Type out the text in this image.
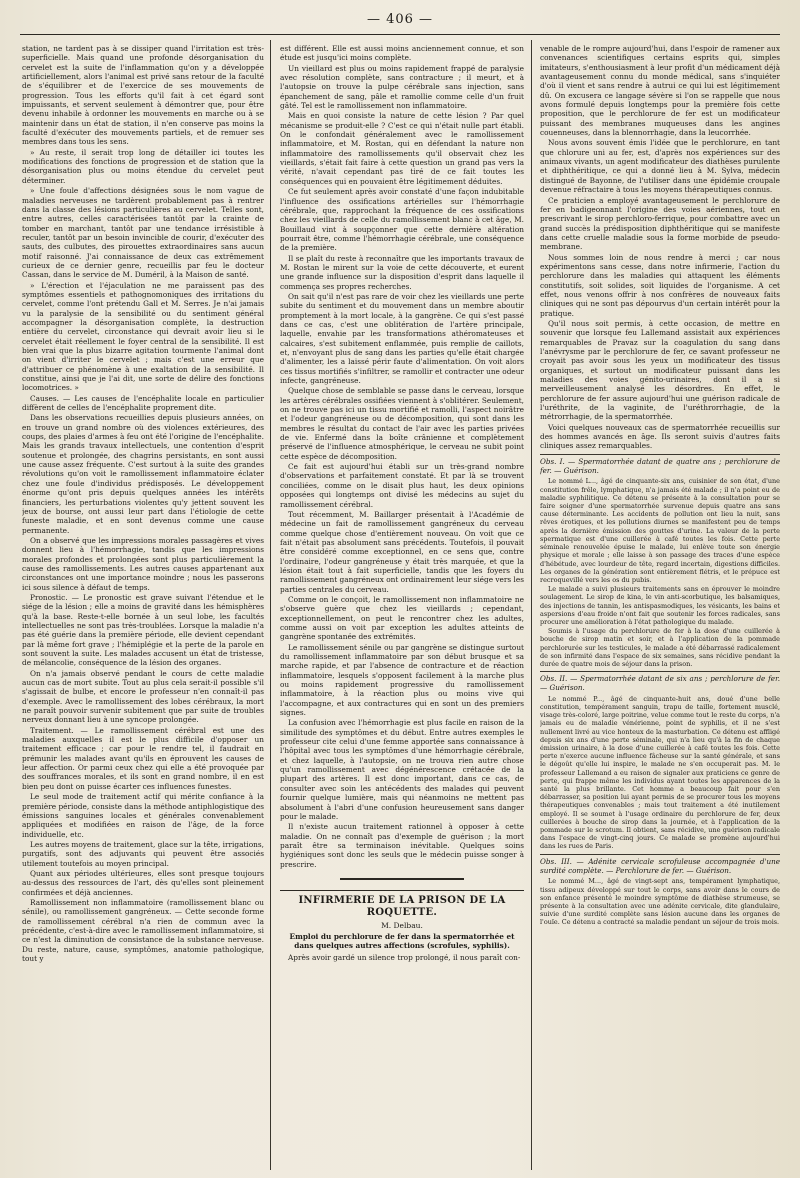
— 406 —

station, ne tardent pas à se dissiper quand l'irritation est très-superficielle. Mais quand une profonde désorganisation du cervelet est la suite de l'inflammation qu'on y a développée artificiellement, alors l'animal est privé sans retour de la faculté de s'équilibrer et de l'exercice de ses mouvements de progression. Tous les efforts qu'il fait à cet égard sont impuissants, et servent seulement à démontrer que, pour être devenu inhabile à ordonner les mouvements en marche ou à se maintenir dans un état de station, il n'en conserve pas moins la faculté d'exécuter des mouvements partiels, et de remuer ses membres dans tous les sens.

» Au reste, il serait trop long de détailler ici toutes les modifications des fonctions de progression et de station que la désorganisation plus ou moins étendue du cervelet peut déterminer.

» Une foule d'affections désignées sous le nom vague de maladies nerveuses ne tardèrent probablement pas à rentrer dans la classe des lésions particulières au cervelet. Telles sont, entre autres, celles caractérisées tantôt par la crainte de tomber en marchant, tantôt par une tendance irrésistible à reculer, tantôt par un besoin invincible de courir, d'exécuter des sauts, des culbutes, des pirouettes extraordinaires sans aucun motif raisonné. J'ai connaissance de deux cas extrêmement curieux de ce dernier genre, recueillis par feu le docteur Cassan, dans le service de M. Duméril, à la Maison de santé.

» L'érection et l'éjaculation ne me paraissent pas des symptômes essentiels et pathognomoniques des irritations du cervelet, comme l'ont prétendu Gall et M. Serres. Je n'ai jamais vu la paralysie de la sensibilité ou du sentiment général accompagner la désorganisation complète, la destruction entière du cervelet, circonstance qui devrait avoir lieu si le cervelet était réellement le foyer central de la sensibilité. Il est bien vrai que la plus bizarre agitation tourmente l'animal dont on vient d'irriter le cervelet ; mais c'est une erreur que d'attribuer ce phénomène à une exaltation de la sensibilité. Il constitue, ainsi que je l'ai dit, une sorte de délire des fonctions locomotrices. »

Causes. — Les causes de l'encéphalite locale en particulier diffèrent de celles de l'encéphalite proprement dite.

Dans les observations recueillies depuis plusieurs années, on en trouve un grand nombre où des violences extérieures, des coups, des plaies d'armes à feu ont été l'origine de l'encéphalite. Mais les grands travaux intellectuels, une contention d'esprit soutenue et prolongée, des chagrins persistants, en sont aussi une cause assez fréquente. C'est surtout à la suite des grandes révolutions qu'on voit le ramollissement inflammatoire éclater chez une foule d'individus prédisposés. Le développement énorme qu'ont pris depuis quelques années les intérêts financiers, les perturbations violentes qu'y jettent souvent les jeux de bourse, ont aussi leur part dans l'étiologie de cette funeste maladie, et en sont devenus comme une cause permanente.

On a observé que les impressions morales passagères et vives donnent lieu à l'hémorrhagie, tandis que les impressions morales profondes et prolongées sont plus particulièrement la cause des ramollissements. Les autres causes appartenant aux circonstances ont une importance moindre ; nous les passerons ici sous silence à défaut de temps.

Pronostic. — Le pronostic est grave suivant l'étendue et le siége de la lésion ; elle a moins de gravité dans les hémisphères qu'à la base. Reste-t-elle bornée à un seul lobe, les facultés intellectuelles ne sont pas très-troublées. Lorsque la maladie n'a pas été guérie dans la première période, elle devient cependant par là même fort grave ; l'hémiplégie et la perte de la parole en sont souvent la suite. Les malades accusent un état de tristesse, de mélancolie, conséquence de la lésion des organes.

On n'a jamais observé pendant le cours de cette maladie aucun cas de mort subite. Tout au plus cela serait-il possible s'il s'agissait de bulbe, et encore le professeur n'en connaît-il pas d'exemple. Avec le ramollissement des lobes cérébraux, la mort ne paraît pouvoir survenir subitement que par suite de troubles nerveux donnant lieu à une syncope prolongée.

Traitement. — Le ramollissement cérébral est une des maladies auxquelles il est le plus difficile d'opposer un traitement efficace ; car pour le rendre tel, il faudrait en prémunir les malades avant qu'ils en éprouvent les causes de leur affection. Or parmi ceux chez qui elle a été provoquée par des souffrances morales, et ils sont en grand nombre, il en est bien peu dont on puisse écarter ces influences funestes.

Le seul mode de traitement actif qui mérite confiance à la première période, consiste dans la méthode antiphlogistique des émissions sanguines locales et générales convenablement appliquées et modifiées en raison de l'âge, de la force individuelle, etc.

Les autres moyens de traitement, glace sur la tête, irrigations, purgatifs, sont des adjuvants qui peuvent être associés utilement toutefois au moyen principal.

Quant aux périodes ultérieures, elles sont presque toujours au-dessus des ressources de l'art, dès qu'elles sont pleinement confirmées et déjà anciennes.

Ramollissement non inflammatoire (ramollissement blanc ou sénile), ou ramollissement gangréneux. — Cette seconde forme de ramollissement cérébral n'a rien de commun avec la précédente, c'est-à-dire avec le ramollissement inflammatoire, si ce n'est la diminution de consistance de la substance nerveuse. Du reste, nature, cause, symptômes, anatomie pathologique, tout y

est différent. Elle est aussi moins anciennement connue, et son étude est jusqu'ici moins complète.

Un vieillard est plus ou moins rapidement frappé de paralysie avec résolution complète, sans contracture ; il meurt, et à l'autopsie on trouve la pulpe cérébrale sans injection, sans épanchement de sang, pâle et ramollie comme celle d'un fruit gâté. Tel est le ramollissement non inflammatoire.

Mais en quoi consiste la nature de cette lésion ? Par quel mécanisme se produit-elle ? C'est ce qui n'était nulle part établi. On le confondait généralement avec le ramollissement inflammatoire, et M. Rostan, qui en défendant la nature non inflammatoire des ramollissements qu'il observait chez les vieillards, s'était fait faire à cette question un grand pas vers la vérité, n'avait cependant pas tiré de ce fait toutes les conséquences qui en pouvaient être légitimement déduites.

Ce fut seulement après avoir constaté d'une façon indubitable l'influence des ossifications artérielles sur l'hémorrhagie cérébrale, que, rapprochant la fréquence de ces ossifications chez les vieillards de celle du ramollissement blanc à cet âge, M. Bouillaud vint à soupçonner que cette dernière altération pourrait être, comme l'hémorrhagie cérébrale, une conséquence de la première.

Il se plaît du reste à reconnaître que les importants travaux de M. Rostan le mirent sur la voie de cette découverte, et eurent une grande influence sur la disposition d'esprit dans laquelle il commença ses propres recherches.

On sait qu'il n'est pas rare de voir chez les vieillards une perte subite du sentiment et du mouvement dans un membre aboutir promptement à la mort locale, à la gangrène. Ce qui s'est passé dans ce cas, c'est une oblitération de l'artère principale, laquelle, envahie par les transformations athéromateuses et calcaires, s'est subitement enflammée, puis remplie de caillots, et, n'envoyant plus de sang dans les parties qu'elle était chargée d'alimenter, les a laissé périr faute d'alimentation. On voit alors ces tissus mortifiés s'infiltrer, se ramollir et contracter une odeur infecte, gangréneuse.

Quelque chose de semblable se passe dans le cerveau, lorsque les artères cérébrales ossifiées viennent à s'oblitérer. Seulement, on ne trouve pas ici un tissu mortifié et ramolli, l'aspect noirâtre et l'odeur gangréneuse ou de décomposition, qui sont dans les membres le résultat du contact de l'air avec les parties privées de vie. Enfermé dans la boîte crânienne et complètement préservé de l'influence atmosphérique, le cerveau ne subit point cette espèce de décomposition.

Ce fait est aujourd'hui établi sur un très-grand nombre d'observations et parfaitement constaté. Et par là se trouvent conciliées, comme on le disait plus haut, les deux opinions opposées qui longtemps ont divisé les médecins au sujet du ramollissement cérébral.

Tout récemment, M. Baillarger présentait à l'Académie de médecine un fait de ramollissement gangréneux du cerveau comme quelque chose d'entièrement nouveau. On voit que ce fait n'était pas absolument sans précédents. Toutefois, il pouvait être considéré comme exceptionnel, en ce sens que, contre l'ordinaire, l'odeur gangréneuse y était très marquée, et que la lésion était tout à fait superficielle, tandis que les foyers du ramollissement gangréneux ont ordinairement leur siége vers les parties centrales du cerveau.

Comme on le conçoit, le ramollissement non inflammatoire ne s'observe guère que chez les vieillards ; cependant, exceptionnellement, on peut le rencontrer chez les adultes, comme aussi on voit par exception les adultes atteints de gangrène spontanée des extrémités.

Le ramollissement sénile ou par gangrène se distingue surtout du ramollissement inflammatoire par son début brusque et sa marche rapide, et par l'absence de contracture et de réaction inflammatoire, lesquels s'opposent facilement à la marche plus ou moins rapidement progressive du ramollissement inflammatoire, à la réaction plus ou moins vive qui l'accompagne, et aux contractures qui en sont un des premiers signes.

La confusion avec l'hémorrhagie est plus facile en raison de la similitude des symptômes et du début. Entre autres exemples le professeur cite celui d'une femme apportée sans connaissance à l'hôpital avec tous les symptômes d'une hémorrhagie cérébrale, et chez laquelle, à l'autopsie, on ne trouva rien autre chose qu'un ramollissement avec dégénérescence crétacée de la plupart des artères. Il est donc important, dans ce cas, de consulter avec soin les antécédents des malades qui peuvent fournir quelque lumière, mais qui néanmoins ne mettent pas absolument à l'abri d'une confusion heureusement sans danger pour le malade.

Il n'existe aucun traitement rationnel à opposer à cette maladie. On ne connaît pas d'exemple de guérison ; la mort paraît être sa terminaison inévitable. Quelques soins hygiéniques sont donc les seuls que le médecin puisse songer à prescrire.

INFIRMERIE DE LA PRISON DE LA ROQUETTE.
M. Delbau.
Emploi du perchlorure de fer dans la spermatorrhée et dans quelques autres affections (scrofules, syphilis).

Après avoir gardé un silence trop prolongé, il nous paraît con-

venable de le rompre aujourd'hui, dans l'espoir de ramener aux convenances scientifiques certains esprits qui, simples imitateurs, s'enthousiasment à leur profit d'un médicament déjà avantageusement connu du monde médical, sans s'inquiéter d'où il vient et sans rendre à autrui ce qui lui est légitimement dû. On excusera ce langage sévère si l'on se rappelle que nous avons formulé depuis longtemps pour la première fois cette proposition, que le perchlorure de fer est un modificateur puissant des membranes muqueuses dans les angines couenneuses, dans la blennorrhagie, dans la leucorrhée.

Nous avons souvent émis l'idée que le perchlorure, en tant que chlorure uni au fer, est, d'après nos expériences sur des animaux vivants, un agent modificateur des diathèses purulente et diphthéritique, ce qui a donné lieu à M. Sylva, médecin distingué de Bayonne, de l'utiliser dans une épidémie croupale devenue réfractaire à tous les moyens thérapeutiques connus.

Ce praticien a employé avantageusement le perchlorure de fer en badigeonnant l'origine des voies aériennes, tout en prescrivant le sirop perchloro-ferrique, pour combattre avec un grand succès la prédisposition diphthéritique qui se manifeste dans cette cruelle maladie sous la forme morbide de pseudo-membrane.

Nous sommes loin de nous rendre à merci ; car nous expérimentons sans cesse, dans notre infirmerie, l'action du perchlorure dans les maladies qui attaquent les éléments constitutifs, soit solides, soit liquides de l'organisme. A cet effet, nous venons offrir à nos confrères de nouveaux faits cliniques qui ne sont pas dépourvus d'un certain intérêt pour la pratique.

Qu'il nous soit permis, à cette occasion, de mettre en souvenir que lorsque feu Lallemand assistait aux expériences remarquables de Pravaz sur la coagulation du sang dans l'anévrysme par le perchlorure de fer, ce savant professeur ne croyait pas avoir sous les yeux un modificateur des tissus organiques, et surtout un modificateur puissant dans les maladies des voies génito-urinaires, dont il a si merveilleusement analysé les désordres. En effet, le perchlorure de fer assure aujourd'hui une guérison radicale de l'uréthrite, de la vaginite, de l'uréthrorrhagie, de la métrorrhagie, de la spermatorrhée.

Voici quelques nouveaux cas de spermatorrhée recueillis sur des hommes avancés en âge. Ils seront suivis d'autres faits cliniques assez remarquables.

Obs. I. — Spermatorrhée datant de quatre ans ; perchlorure de fer. — Guérison.

Le nommé L..., âgé de cinquante-six ans, cuisinier de son état, d'une constitution frêle, lymphatique, n'a jamais été malade ; il n'a point eu de maladie syphilitique. Ce détenu se présente à la consultation pour se faire soigner d'une spermatorrhée survenue depuis quatre ans sans cause déterminante. Les accidents de pollution ont lieu la nuit, sans rêves érotiques, et les pollutions diurnes se manifestent peu de temps après la dernière émission des gouttes d'urine. La valeur de la perte spermatique est d'une cuillerée à café toutes les fois. Cette perte séminale renouvelée épuise le malade, lui enlève toute son énergie physique et morale ; elle laisse à son passage des traces d'une espèce d'hébétude, avec lourdeur de tête, regard incertain, digestions difficiles. Les organes de la génération sont entièrement flétris, et le prépuce est recroquevillé vers les os du pubis.

Le malade a suivi plusieurs traitements sans en éprouver le moindre soulagement. Le sirop de kina, le vin anti-scorbutique, les balsamiques, des injections de tannin, les antispasmodiques, les vésicants, les bains et aspersions d'eau froide n'ont fait que soutenir les forces radicales, sans procurer une amélioration à l'état pathologique du malade.

Soumis à l'usage du perchlorure de fer à la dose d'une cuillerée à bouche de sirop matin et soir, et à l'application de la pommade perchlorurée sur les testicules, le malade a été débarrassé radicalement de son infirmité dans l'espace de six semaines, sans récidive pendant la durée de quatre mois de séjour dans la prison.

Obs. II. — Spermatorrhée datant de six ans ; perchlorure de fer. — Guérison.

Le nommé P..., âgé de cinquante-huit ans, doué d'une belle constitution, tempérament sanguin, trapu de taille, fortement musclé, visage très-coloré, large poitrine, velue comme tout le reste du corps, n'a jamais eu de maladie vénérienne, point de syphilis, et il ne s'est nullement livré au vice honteux de la masturbation. Ce détenu est affligé depuis six ans d'une perte séminale, qui n'a lieu qu'à la fin de chaque émission urinaire, à la dose d'une cuillerée à café toutes les fois. Cette perte n'exerce aucune influence fâcheuse sur la santé générale, et sans le dégoût qu'elle lui inspire, le malade ne s'en occuperait pas. M. le professeur Lallemand a eu raison de signaler aux praticiens ce genre de perte, qui frappe même les individus ayant toutes les apparences de la santé la plus brillante. Cet homme a beaucoup fait pour s'en débarrasser, sa position lui ayant permis de se procurer tous les moyens thérapeutiques convenables ; mais tout traitement a été inutilement employé. Il se soumet à l'usage ordinaire du perchlorure de fer, deux cuillerées à bouche de sirop dans la journée, et à l'application de la pommade sur le scrotum. Il obtient, sans récidive, une guérison radicale dans l'espace de vingt-cinq jours. Ce malade se promène aujourd'hui dans les rues de Paris.

Obs. III. — Adénite cervicale scrofuleuse accompagnée d'une surdité complète. — Perchlorure de fer. — Guérison.

Le nommé M..., âgé de vingt-sept ans, tempérament lymphatique, tissu adipeux développé sur tout le corps, sans avoir dans le cours de son enfance présenté le moindre symptôme de diathèse strumeuse, se présente à la consultation avec une adénite cervicale, dite glandulaire, suivie d'une surdité complète sans lésion aucune dans les organes de l'ouïe. Ce détenu a contracté sa maladie pendant un séjour de trois mois.
